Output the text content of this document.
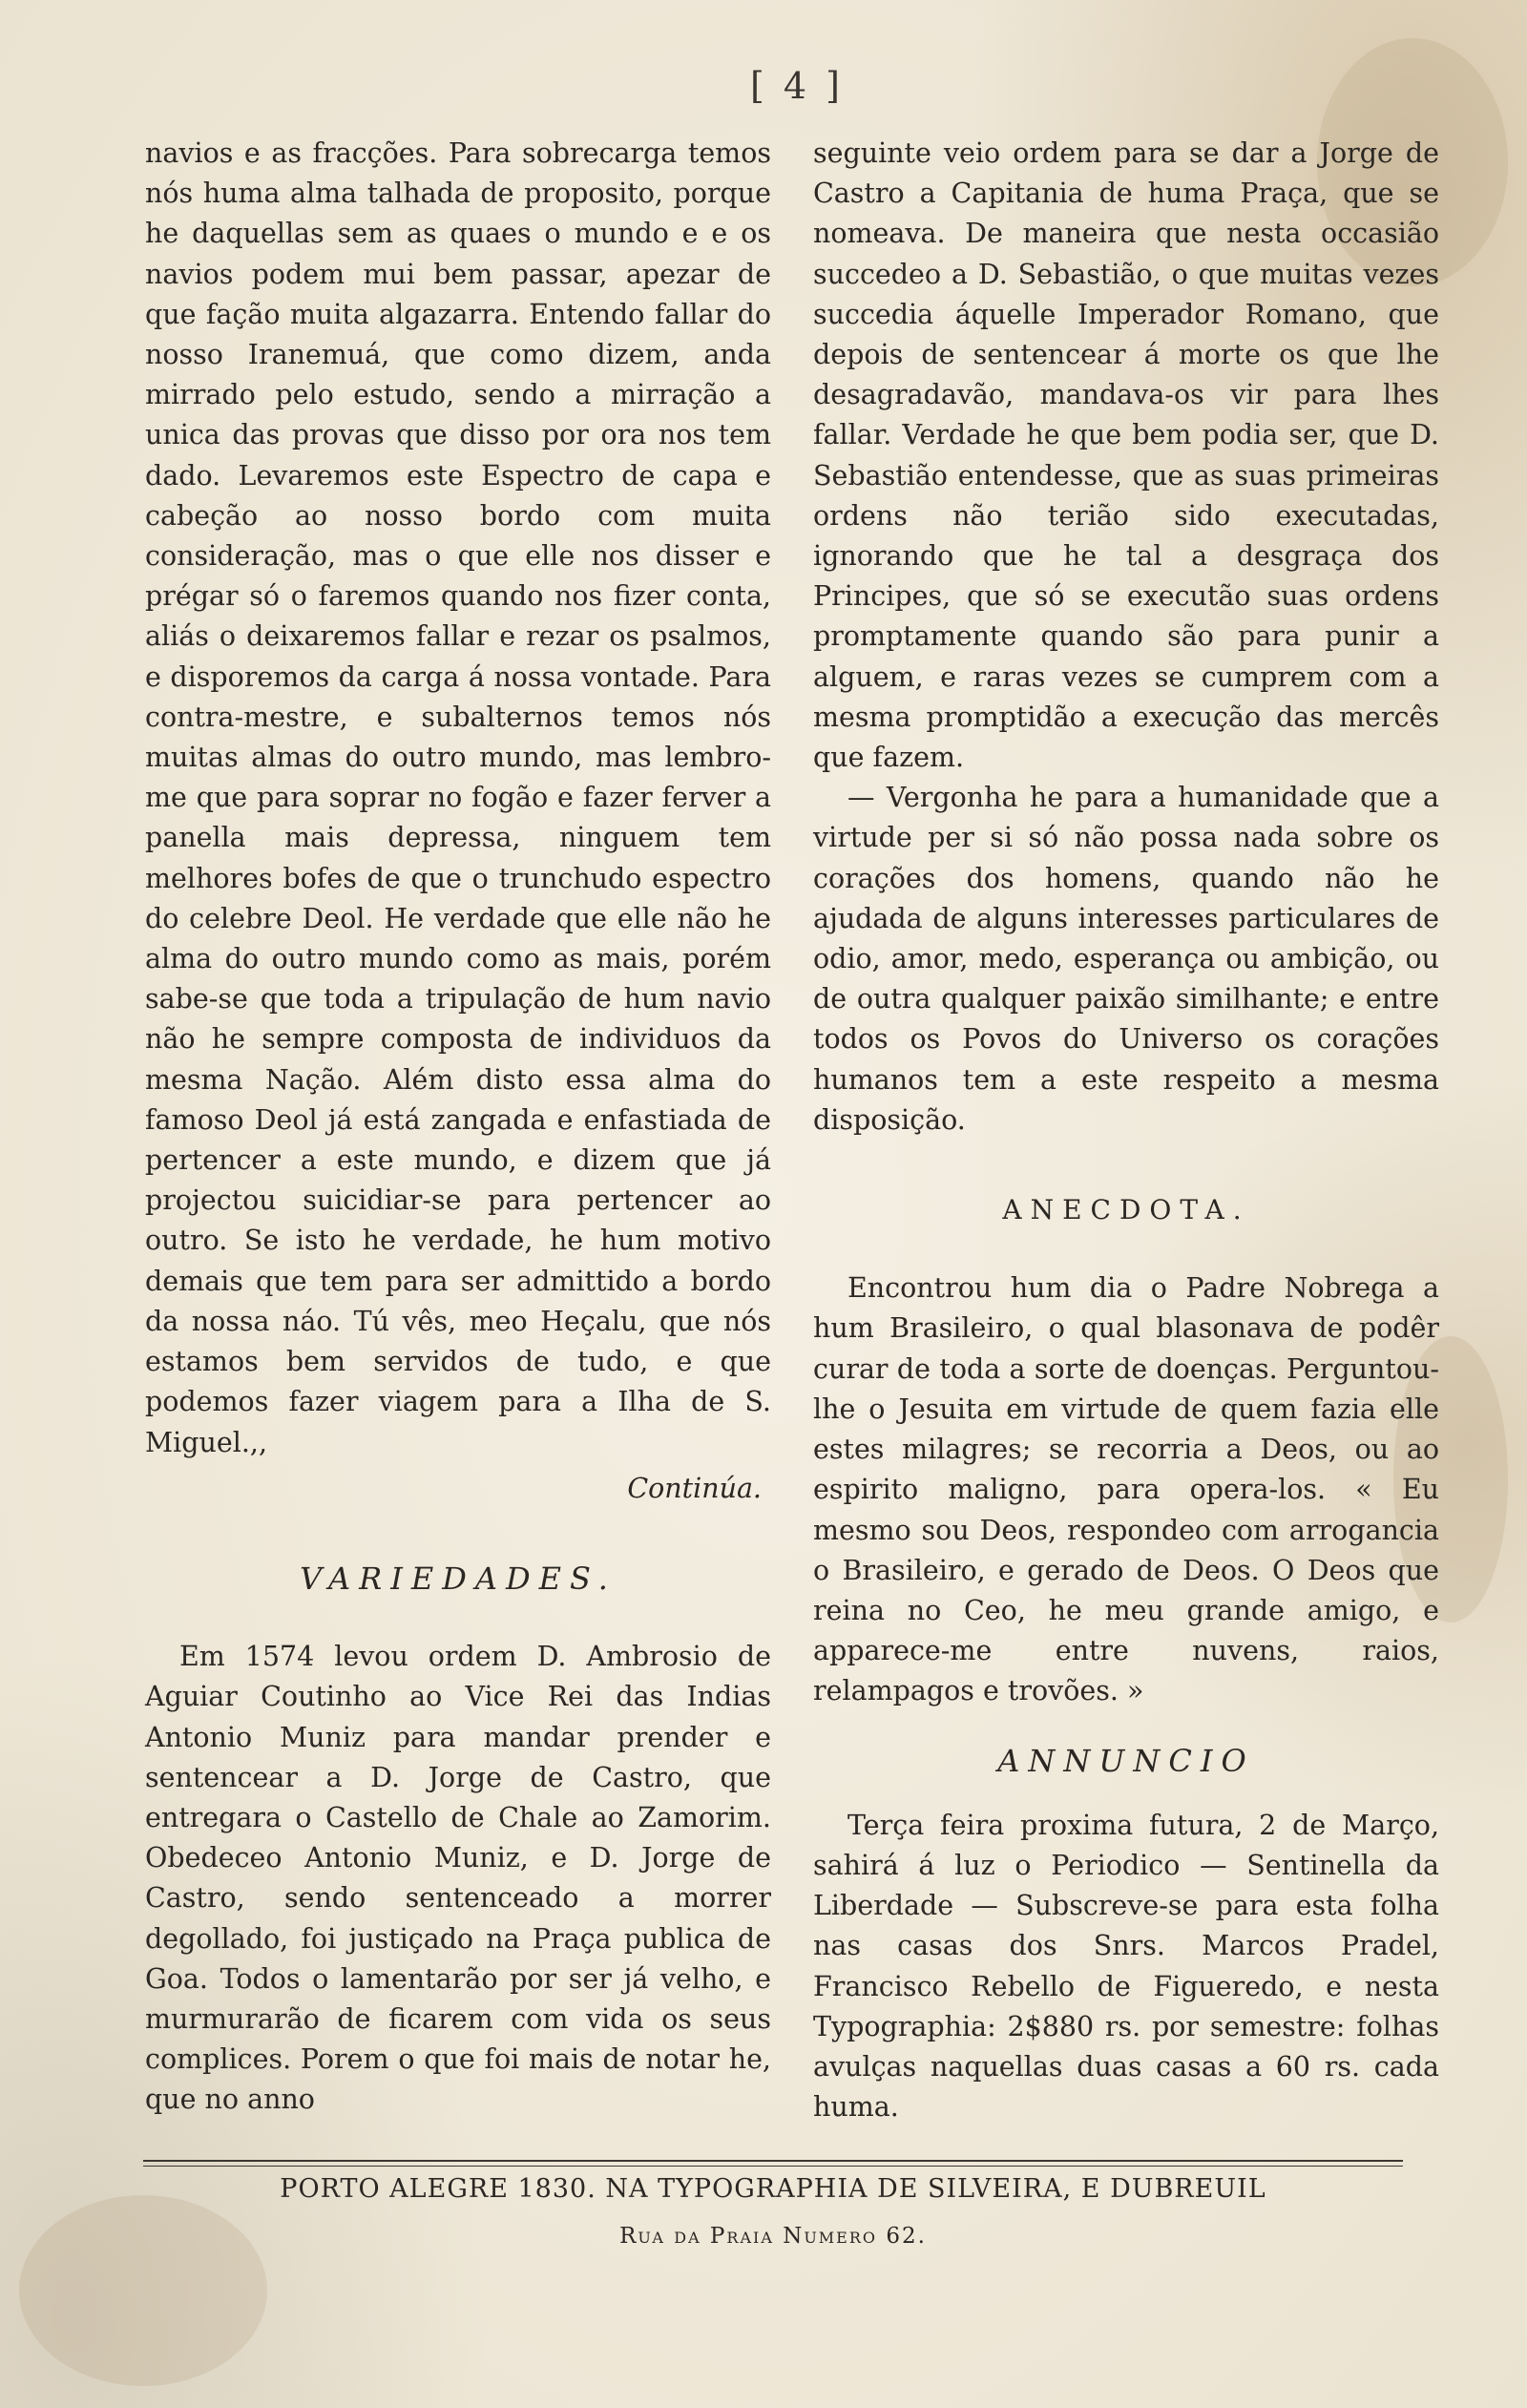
[ 4 ]

navios e as fracções. Para sobrecarga temos nós huma alma talhada de proposito, porque he daquellas sem as quaes o mundo e e os navios podem mui bem passar, apezar de que fação muita algazarra. Entendo fallar do nosso Iranemuá, que como dizem, anda mirrado pelo estudo, sendo a mirração a unica das provas que disso por ora nos tem dado. Levaremos este Espectro de capa e cabeção ao nosso bordo com muita consideração, mas o que elle nos disser e prégar só o faremos quando nos fizer conta, aliás o deixaremos fallar e rezar os psalmos, e disporemos da carga á nossa vontade. Para contra-mestre, e subalternos temos nós muitas almas do outro mundo, mas lembro-me que para soprar no fogão e fazer ferver a panella mais depressa, ninguem tem melhores bofes de que o trunchudo espectro do celebre Deol. He verdade que elle não he alma do outro mundo como as mais, porém sabe-se que toda a tripulação de hum navio não he sempre composta de individuos da mesma Nação. Além disto essa alma do famoso Deol já está zangada e enfastiada de pertencer a este mundo, e dizem que já projectou suicidiar-se para pertencer ao outro. Se isto he verdade, he hum motivo demais que tem para ser admittido a bordo da nossa náo. Tú vês, meo Heçalu, que nós estamos bem servidos de tudo, e que podemos fazer viagem para a Ilha de S. Miguel.,,

Continúa.

VARIEDADES.

Em 1574 levou ordem D. Ambrosio de Aguiar Coutinho ao Vice Rei das Indias Antonio Muniz para mandar prender e sentencear a D. Jorge de Castro, que entregara o Castello de Chale ao Zamorim. Obedeceo Antonio Muniz, e D. Jorge de Castro, sendo sentenceado a morrer degollado, foi justiçado na Praça publica de Goa. Todos o lamentarão por ser já velho, e murmurarão de ficarem com vida os seus complices. Porem o que foi mais de notar he, que no anno

seguinte veio ordem para se dar a Jorge de Castro a Capitania de huma Praça, que se nomeava. De maneira que nesta occasião succedeo a D. Sebastião, o que muitas vezes succedia áquelle Imperador Romano, que depois de sentencear á morte os que lhe desagradavão, mandava-os vir para lhes fallar. Verdade he que bem podia ser, que D. Sebastião entendesse, que as suas primeiras ordens não terião sido executadas, ignorando que he tal a desgraça dos Principes, que só se executão suas ordens promptamente quando são para punir a alguem, e raras vezes se cumprem com a mesma promptidão a execução das mercês que fazem.

— Vergonha he para a humanidade que a virtude per si só não possa nada sobre os corações dos homens, quando não he ajudada de alguns interesses particulares de odio, amor, medo, esperança ou ambição, ou de outra qualquer paixão similhante; e entre todos os Povos do Universo os corações humanos tem a este respeito a mesma disposição.

ANECDOTA.

Encontrou hum dia o Padre Nobrega a hum Brasileiro, o qual blasonava de podêr curar de toda a sorte de doenças. Perguntou-lhe o Jesuita em virtude de quem fazia elle estes milagres; se recorria a Deos, ou ao espirito maligno, para opera-los. « Eu mesmo sou Deos, respondeo com arrogancia o Brasileiro, e gerado de Deos. O Deos que reina no Ceo, he meu grande amigo, e apparece-me entre nuvens, raios, relampagos e trovões. »

ANNUNCIO

Terça feira proxima futura, 2 de Março, sahirá á luz o Periodico — Sentinella da Liberdade — Subscreve-se para esta folha nas casas dos Snrs. Marcos Pradel, Francisco Rebello de Figueredo, e nesta Typographia: 2$880 rs. por semestre: folhas avulças naquellas duas casas a 60 rs. cada huma.

PORTO ALEGRE 1830. NA TYPOGRAPHIA DE SILVEIRA, E DUBREUIL
Rua da Praia Numero 62.
